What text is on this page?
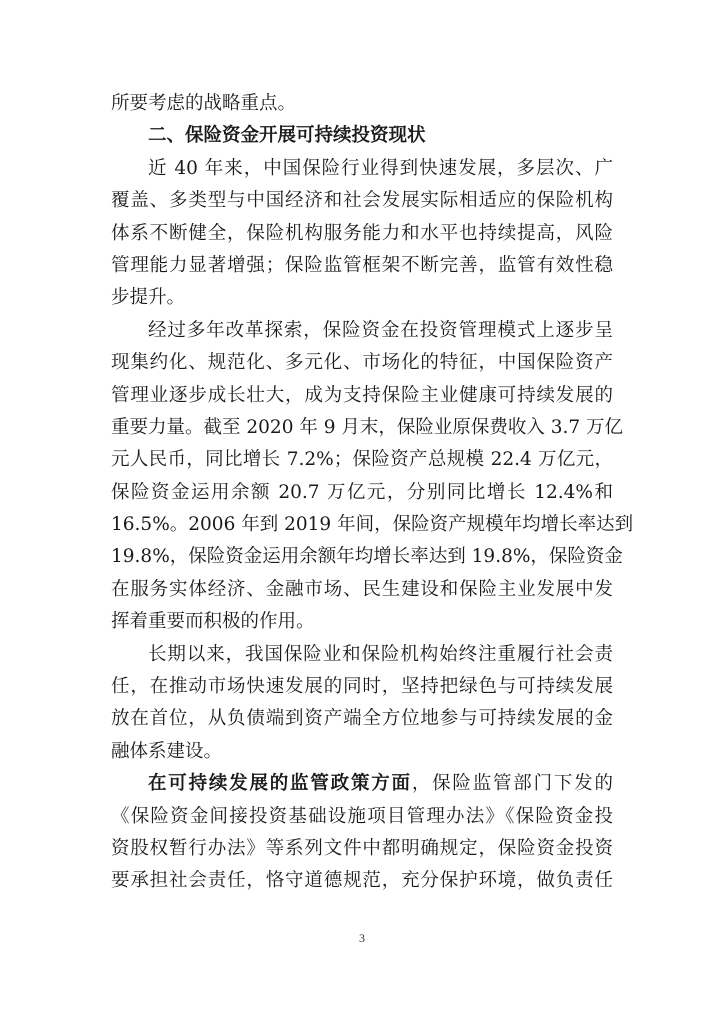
所要考虑的战略重点。
二、保险资金开展可持续投资现状
近 40 年来，中国保险行业得到快速发展，多层次、广
覆盖、多类型与中国经济和社会发展实际相适应的保险机构
体系不断健全，保险机构服务能力和水平也持续提高，风险
管理能力显著增强；保险监管框架不断完善，监管有效性稳
步提升。
经过多年改革探索，保险资金在投资管理模式上逐步呈
现集约化、规范化、多元化、市场化的特征，中国保险资产
管理业逐步成长壮大，成为支持保险主业健康可持续发展的
重要力量。截至 2020 年 9 月末，保险业原保费收入 3.7 万亿
元人民币，同比增长 7.2%；保险资产总规模 22.4 万亿元，
保险资金运用余额 20.7 万亿元，分别同比增长 12.4%和
16.5%。2006 年到 2019 年间，保险资产规模年均增长率达到
19.8%，保险资金运用余额年均增长率达到 19.8%，保险资金
在服务实体经济、金融市场、民生建设和保险主业发展中发
挥着重要而积极的作用。
长期以来，我国保险业和保险机构始终注重履行社会责
任，在推动市场快速发展的同时，坚持把绿色与可持续发展
放在首位，从负债端到资产端全方位地参与可持续发展的金
融体系建设。
在可持续发展的监管政策方面，保险监管部门下发的
《保险资金间接投资基础设施项目管理办法》《保险资金投
资股权暂行办法》等系列文件中都明确规定，保险资金投资
要承担社会责任，恪守道德规范，充分保护环境，做负责任
3
